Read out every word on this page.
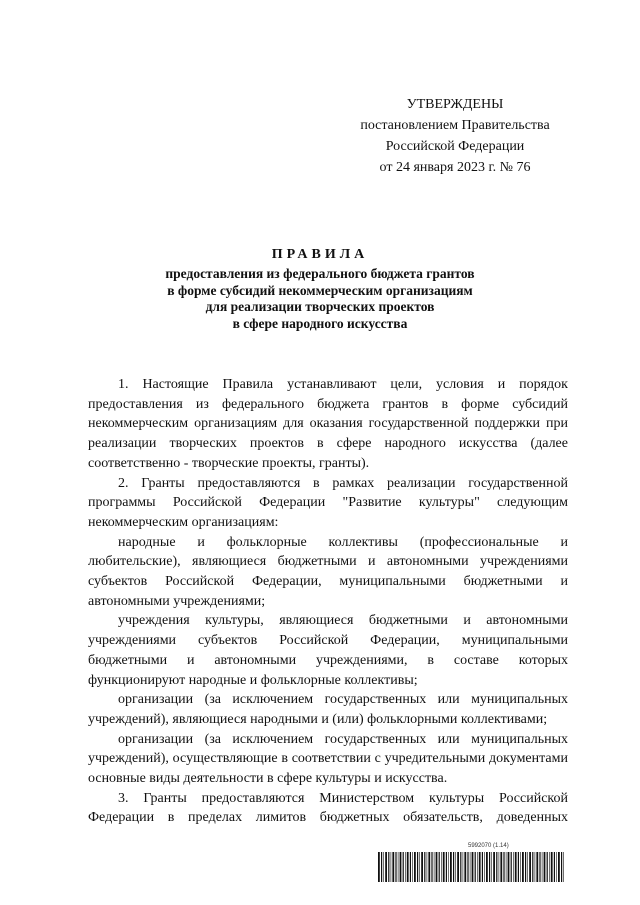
УТВЕРЖДЕНЫ
постановлением Правительства
Российской Федерации
от 24 января 2023 г. № 76
ПРАВИЛА
предоставления из федерального бюджета грантов
в форме субсидий некоммерческим организациям
для реализации творческих проектов
в сфере народного искусства

1. Настоящие Правила устанавливают цели, условия и порядок предоставления из федерального бюджета грантов в форме субсидий некоммерческим организациям для оказания государственной поддержки при реализации творческих проектов в сфере народного искусства (далее соответственно - творческие проекты, гранты).

2. Гранты предоставляются в рамках реализации государственной программы Российской Федерации "Развитие культуры" следующим некоммерческим организациям:

народные и фольклорные коллективы (профессиональные и любительские), являющиеся бюджетными и автономными учреждениями субъектов Российской Федерации, муниципальными бюджетными и автономными учреждениями;

учреждения культуры, являющиеся бюджетными и автономными учреждениями субъектов Российской Федерации, муниципальными бюджетными и автономными учреждениями, в составе которых функционируют народные и фольклорные коллективы;

организации (за исключением государственных или муниципальных учреждений), являющиеся народными и (или) фольклорными коллективами;

организации (за исключением государственных или муниципальных учреждений), осуществляющие в соответствии с учредительными документами основные виды деятельности в сфере культуры и искусства.

3. Гранты предоставляются Министерством культуры Российской Федерации в пределах лимитов бюджетных обязательств, доведенных

5992070 (1.14)
